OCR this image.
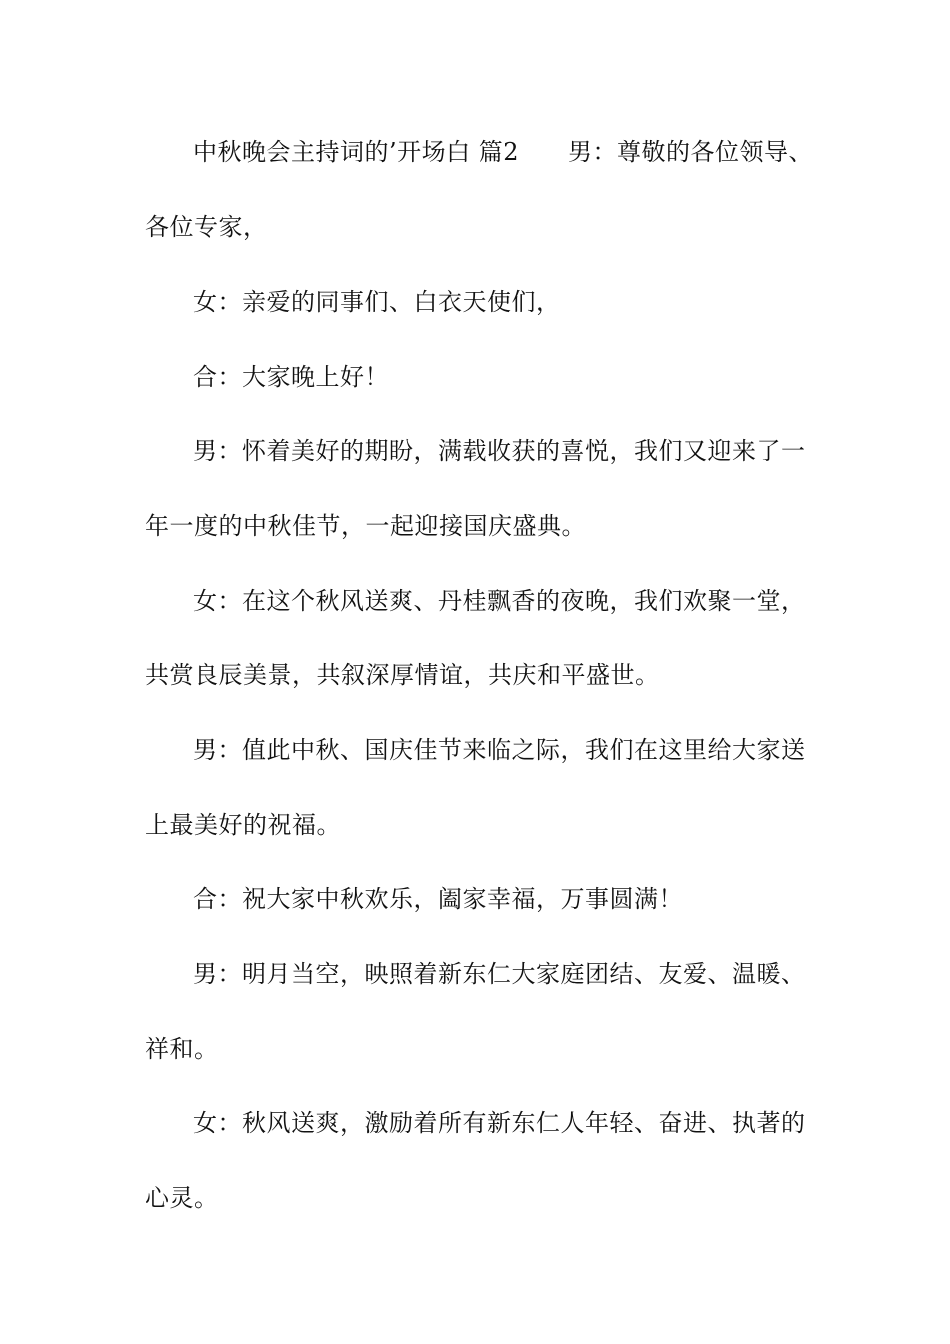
中秋晚会主持词的’开场白 篇2　　男：尊敬的各位领导、
各位专家，
女：亲爱的同事们、白衣天使们，
合：大家晚上好！
男：怀着美好的期盼，满载收获的喜悦，我们又迎来了一
年一度的中秋佳节，一起迎接国庆盛典。
女：在这个秋风送爽、丹桂飘香的夜晚，我们欢聚一堂，
共赏良辰美景，共叙深厚情谊，共庆和平盛世。
男：值此中秋、国庆佳节来临之际，我们在这里给大家送
上最美好的祝福。
合：祝大家中秋欢乐，阖家幸福，万事圆满！
男：明月当空，映照着新东仁大家庭团结、友爱、温暖、
祥和。
女：秋风送爽，激励着所有新东仁人年轻、奋进、执著的
心灵。
